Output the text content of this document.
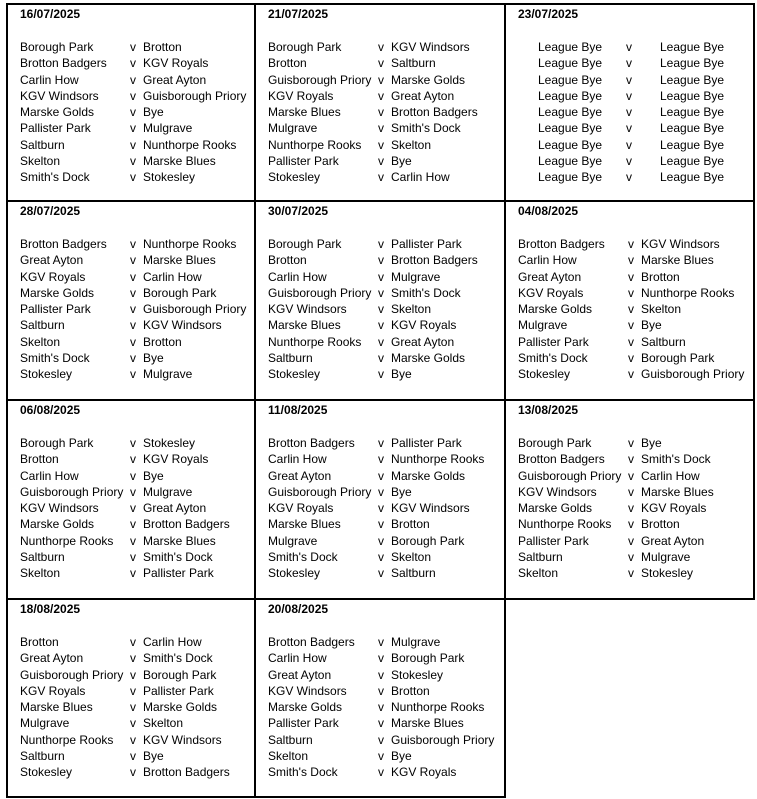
16/07/2025
Borough Park	v Brotton
Brotton Badgers	v KGV Royals
Carlin How	v Great Ayton
KGV Windsors	v Guisborough Priory
Marske Golds	v Bye
Pallister Park	v Mulgrave
Saltburn	v Nunthorpe Rooks
Skelton	v Marske Blues
Smith's Dock	v Stokesley
21/07/2025
Borough Park	v KGV Windsors
Brotton	v Saltburn
Guisborough Priory v Marske Golds
KGV Royals	v Great Ayton
Marske Blues	v Brotton Badgers
Mulgrave	v Smith's Dock
Nunthorpe Rooks	v Skelton
Pallister Park	v Bye
Stokesley	v Carlin How
23/07/2025
League Bye	v	League Bye
League Bye	v	League Bye
League Bye	v	League Bye
League Bye	v	League Bye
League Bye	v	League Bye
League Bye	v	League Bye
League Bye	v	League Bye
League Bye	v	League Bye
League Bye	v	League Bye
28/07/2025
Brotton Badgers	v Nunthorpe Rooks
Great Ayton	v Marske Blues
KGV Royals	v Carlin How
Marske Golds	v Borough Park
Pallister Park	v Guisborough Priory
Saltburn	v KGV Windsors
Skelton	v Brotton
Smith's Dock	v Bye
Stokesley	v Mulgrave
30/07/2025
Borough Park	v Pallister Park
Brotton	v Brotton Badgers
Carlin How	v Mulgrave
Guisborough Priory v Smith's Dock
KGV Windsors	v Skelton
Marske Blues	v KGV Royals
Nunthorpe Rooks	v Great Ayton
Saltburn	v Marske Golds
Stokesley	v Bye
04/08/2025
Brotton Badgers	v KGV Windsors
Carlin How	v Marske Blues
Great Ayton	v Brotton
KGV Royals	v Nunthorpe Rooks
Marske Golds	v Skelton
Mulgrave	v Bye
Pallister Park	v Saltburn
Smith's Dock	v Borough Park
Stokesley	v Guisborough Priory
06/08/2025
Borough Park	v Stokesley
Brotton	v KGV Royals
Carlin How	v Bye
Guisborough Priory v Mulgrave
KGV Windsors	v Great Ayton
Marske Golds	v Brotton Badgers
Nunthorpe Rooks	v Marske Blues
Saltburn	v Smith's Dock
Skelton	v Pallister Park
11/08/2025
Brotton Badgers	v Pallister Park
Carlin How	v Nunthorpe Rooks
Great Ayton	v Marske Golds
Guisborough Priory v Bye
KGV Royals	v KGV Windsors
Marske Blues	v Brotton
Mulgrave	v Borough Park
Smith's Dock	v Skelton
Stokesley	v Saltburn
13/08/2025
Borough Park	v Bye
Brotton Badgers	v Smith's Dock
Guisborough Priory v Carlin How
KGV Windsors	v Marske Blues
Marske Golds	v KGV Royals
Nunthorpe Rooks	v Brotton
Pallister Park	v Great Ayton
Saltburn	v Mulgrave
Skelton	v Stokesley
18/08/2025
Brotton	v Carlin How
Great Ayton	v Smith's Dock
Guisborough Priory v Borough Park
KGV Royals	v Pallister Park
Marske Blues	v Marske Golds
Mulgrave	v Skelton
Nunthorpe Rooks	v KGV Windsors
Saltburn	v Bye
Stokesley	v Brotton Badgers
20/08/2025
Brotton Badgers	v Mulgrave
Carlin How	v Borough Park
Great Ayton	v Stokesley
KGV Windsors	v Brotton
Marske Golds	v Nunthorpe Rooks
Pallister Park	v Marske Blues
Saltburn	v Guisborough Priory
Skelton	v Bye
Smith's Dock	v KGV Royals
